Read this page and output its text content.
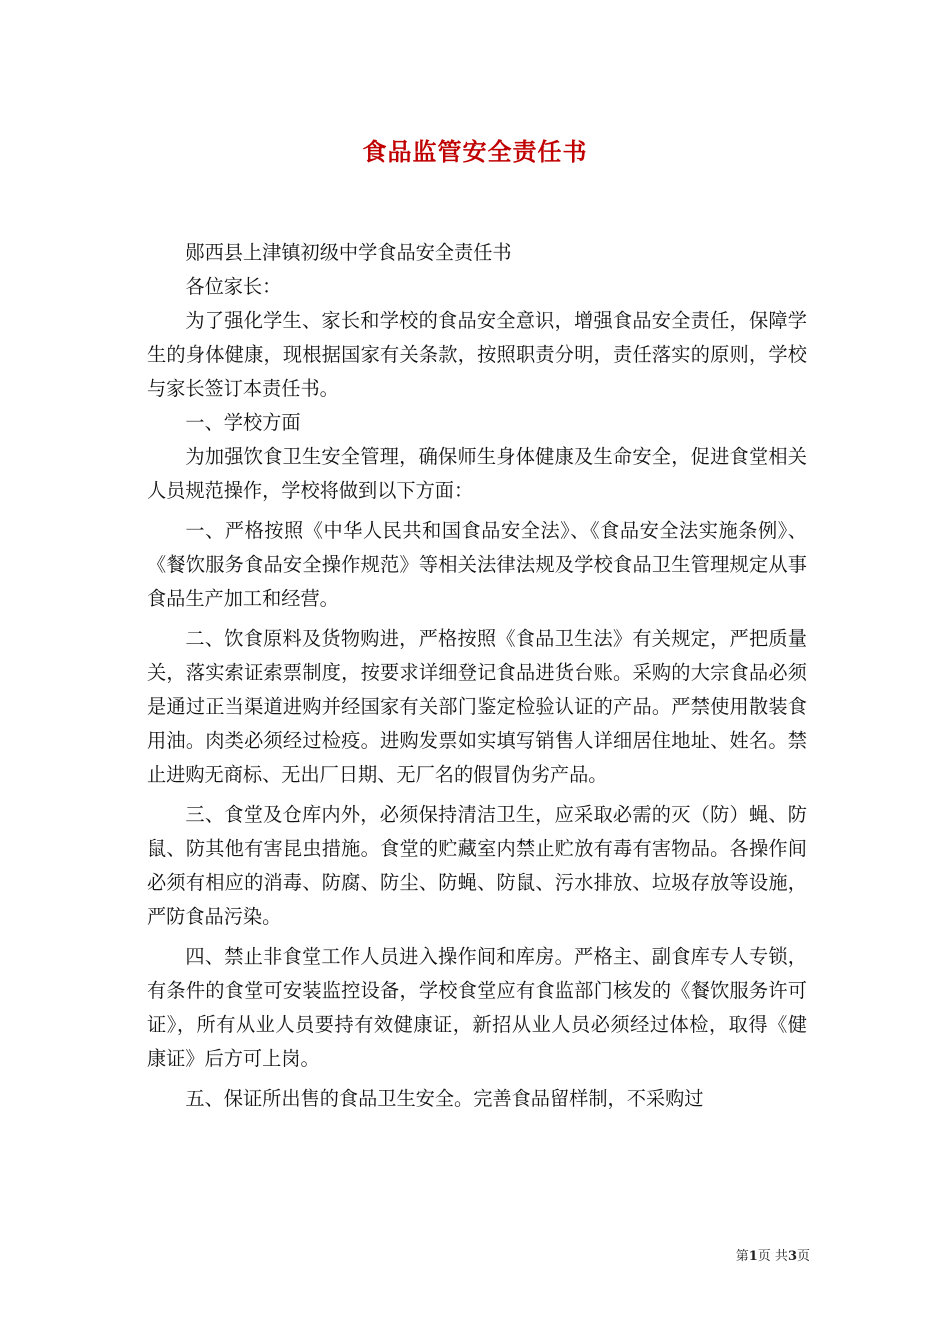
食品监管安全责任书

郧西县上津镇初级中学食品安全责任书

各位家长：

为了强化学生、家长和学校的食品安全意识，增强食品安全责任，保障学生的身体健康，现根据国家有关条款，按照职责分明，责任落实的原则，学校与家长签订本责任书。

一、学校方面

为加强饮食卫生安全管理，确保师生身体健康及生命安全，促进食堂相关人员规范操作，学校将做到以下方面：

一、严格按照《中华人民共和国食品安全法》、《食品安全法实施条例》、《餐饮服务食品安全操作规范》等相关法律法规及学校食品卫生管理规定从事食品生产加工和经营。

二、饮食原料及货物购进，严格按照《食品卫生法》有关规定，严把质量关，落实索证索票制度，按要求详细登记食品进货台账。采购的大宗食品必须是通过正当渠道进购并经国家有关部门鉴定检验认证的产品。严禁使用散装食用油。肉类必须经过检疫。进购发票如实填写销售人详细居住地址、姓名。禁止进购无商标、无出厂日期、无厂名的假冒伪劣产品。

三、食堂及仓库内外，必须保持清洁卫生，应采取必需的灭（防）蝇、防鼠、防其他有害昆虫措施。食堂的贮藏室内禁止贮放有毒有害物品。各操作间必须有相应的消毒、防腐、防尘、防蝇、防鼠、污水排放、垃圾存放等设施，严防食品污染。

四、禁止非食堂工作人员进入操作间和库房。严格主、副食库专人专锁，有条件的食堂可安装监控设备，学校食堂应有食监部门核发的《餐饮服务许可证》，所有从业人员要持有效健康证，新招从业人员必须经过体检，取得《健康证》后方可上岗。

五、保证所出售的食品卫生安全。完善食品留样制，不采购过

第1页 共3页
